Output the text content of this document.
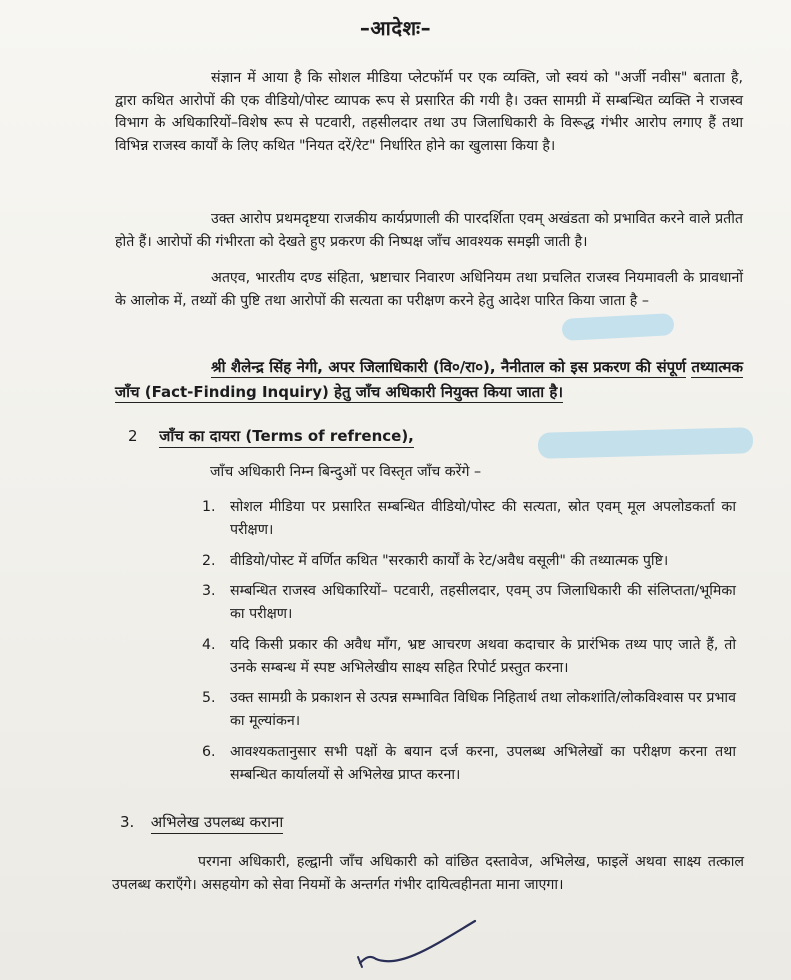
–आदेशः–
संज्ञान में आया है कि सोशल मीडिया प्लेटफॉर्म पर एक व्यक्ति, जो स्वयं को "अर्जी नवीस" बताता है, द्वारा कथित आरोपों की एक वीडियो/पोस्ट व्यापक रूप से प्रसारित की गयी है। उक्त सामग्री में सम्बन्धित व्यक्ति ने राजस्व विभाग के अधिकारियों–विशेष रूप से पटवारी, तहसीलदार तथा उप जिलाधिकारी के विरूद्ध गंभीर आरोप लगाए हैं तथा विभिन्न राजस्व कार्यों के लिए कथित "नियत दरें/रेट" निर्धारित होने का खुलासा किया है।
उक्त आरोप प्रथमदृष्टया राजकीय कार्यप्रणाली की पारदर्शिता एवम् अखंडता को प्रभावित करने वाले प्रतीत होते हैं। आरोपों की गंभीरता को देखते हुए प्रकरण की निष्पक्ष जाँच आवश्यक समझी जाती है।
अतएव, भारतीय दण्ड संहिता, भ्रष्टाचार निवारण अधिनियम तथा प्रचलित राजस्व नियमावली के प्रावधानों के आलोक में, तथ्यों की पुष्टि तथा आरोपों की सत्यता का परीक्षण करने हेतु आदेश पारित किया जाता है –
श्री शैलेन्द्र सिंह नेगी, अपर जिलाधिकारी (वि०/रा०), नैनीताल को इस प्रकरण की संपूर्ण तथ्यात्मक जाँच (Fact-Finding Inquiry) हेतु जाँच अधिकारी नियुक्त किया जाता है।
2 जाँच का दायरा (Terms of refrence),
जाँच अधिकारी निम्न बिन्दुओं पर विस्तृत जाँच करेंगे –
1. सोशल मीडिया पर प्रसारित सम्बन्धित वीडियो/पोस्ट की सत्यता, स्रोत एवम् मूल अपलोडकर्ता का परीक्षण।
2. वीडियो/पोस्ट में वर्णित कथित "सरकारी कार्यों के रेट/अवैध वसूली" की तथ्यात्मक पुष्टि।
3. सम्बन्धित राजस्व अधिकारियों– पटवारी, तहसीलदार, एवम् उप जिलाधिकारी की संलिप्तता/भूमिका का परीक्षण।
4. यदि किसी प्रकार की अवैध माँग, भ्रष्ट आचरण अथवा कदाचार के प्रारंभिक तथ्य पाए जाते हैं, तो उनके सम्बन्ध में स्पष्ट अभिलेखीय साक्ष्य सहित रिपोर्ट प्रस्तुत करना।
5. उक्त सामग्री के प्रकाशन से उत्पन्न सम्भावित विधिक निहितार्थ तथा लोकशांति/लोकविश्वास पर प्रभाव का मूल्यांकन।
6. आवश्यकतानुसार सभी पक्षों के बयान दर्ज करना, उपलब्ध अभिलेखों का परीक्षण करना तथा सम्बन्धित कार्यालयों से अभिलेख प्राप्त करना।
3. अभिलेख उपलब्ध कराना
परगना अधिकारी, हल्द्वानी जाँच अधिकारी को वांछित दस्तावेज, अभिलेख, फाइलें अथवा साक्ष्य तत्काल उपलब्ध कराएँगे। असहयोग को सेवा नियमों के अन्तर्गत गंभीर दायित्वहीनता माना जाएगा।
